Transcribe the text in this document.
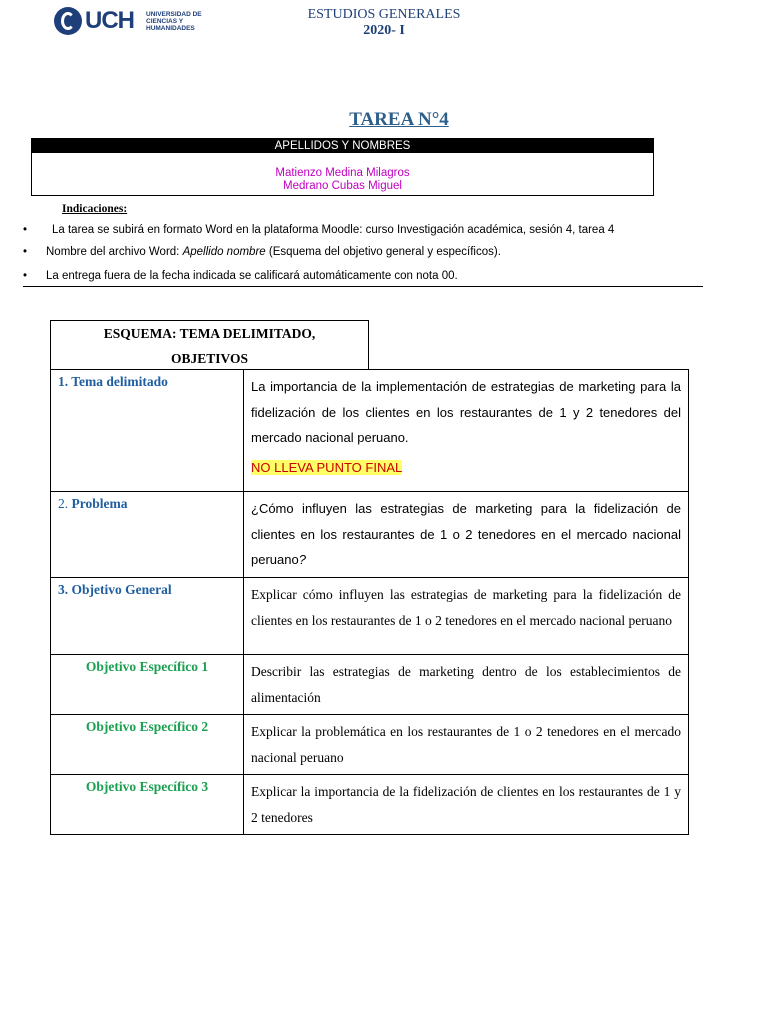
UCH UNIVERSIDAD DE
CIENCIAS Y
HUMANIDADES
ESTUDIOS GENERALES
2020- I
TAREA N°4
APELLIDOS Y NOMBRES
Matienzo Medina Milagros
Medrano Cubas Miguel
Indicaciones:
• La tarea se subirá en formato Word en la plataforma Moodle: curso Investigación académica, sesión 4, tarea 4
• Nombre del archivo Word: Apellido nombre (Esquema del objetivo general y específicos).
• La entrega fuera de la fecha indicada se calificará automáticamente con nota 00.
ESQUEMA: TEMA DELIMITADO,
OBJETIVOS
1. Tema delimitado	La importancia de la implementación de estrategias de marketing para la fidelización de los clientes en los restaurantes de 1 y 2 tenedores del mercado nacional peruano.
NO LLEVA PUNTO FINAL

2. Problema	¿Cómo influyen las estrategias de marketing para la fidelización de clientes en los restaurantes de 1 o 2 tenedores en el mercado nacional peruano?
3. Objetivo General	Explicar cómo influyen las estrategias de marketing para la fidelización de clientes en los restaurantes de 1 o 2 tenedores en el mercado nacional peruano
Objetivo Específico 1	Describir las estrategias de marketing dentro de los establecimientos de alimentación
Objetivo Específico 2	Explicar la problemática en los restaurantes de 1 o 2 tenedores en el mercado nacional peruano
Objetivo Específico 3	Explicar la importancia de la fidelización de clientes en los restaurantes de 1 y 2 tenedores
